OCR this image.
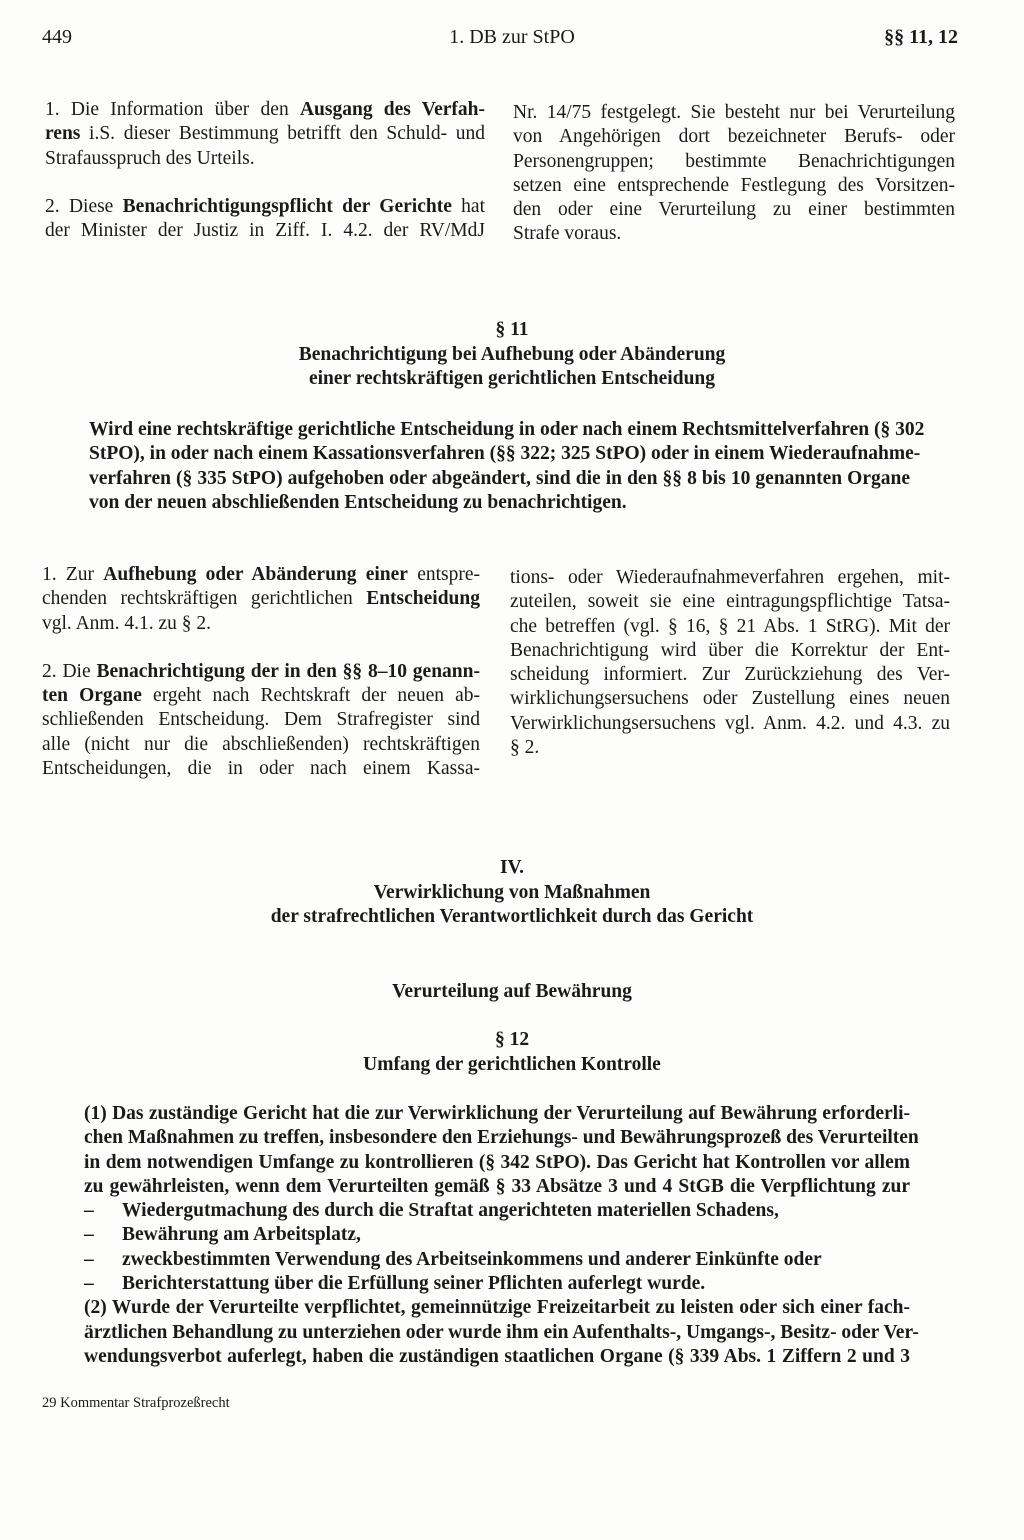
449	1. DB zur StPO	§§ 11, 12
1. Die Information über den Ausgang des Verfah-
rens i.S. dieser Bestimmung betrifft den Schuld- und
Strafausspruch des Urteils.
2. Diese Benachrichtigungspflicht der Gerichte hat
der Minister der Justiz in Ziff. I. 4.2. der RV/MdJ
Nr. 14/75 festgelegt. Sie besteht nur bei Verurteilung
von Angehörigen dort bezeichneter Berufs- oder
Personengruppen; bestimmte Benachrichtigungen
setzen eine entsprechende Festlegung des Vorsitzen-
den oder eine Verurteilung zu einer bestimmten
Strafe voraus.
§ 11
Benachrichtigung bei Aufhebung oder Abänderung
einer rechtskräftigen gerichtlichen Entscheidung
Wird eine rechtskräftige gerichtliche Entscheidung in oder nach einem Rechtsmittelverfahren (§ 302
StPO), in oder nach einem Kassationsverfahren (§§ 322; 325 StPO) oder in einem Wiederaufnahme-
verfahren (§ 335 StPO) aufgehoben oder abgeändert, sind die in den §§ 8 bis 10 genannten Organe
von der neuen abschließenden Entscheidung zu benachrichtigen.
1. Zur Aufhebung oder Abänderung einer entspre-
chenden rechtskräftigen gerichtlichen Entscheidung
vgl. Anm. 4.1. zu § 2.
2. Die Benachrichtigung der in den §§ 8–10 genann-
ten Organe ergeht nach Rechtskraft der neuen ab-
schließenden Entscheidung. Dem Strafregister sind
alle (nicht nur die abschließenden) rechtskräftigen
Entscheidungen, die in oder nach einem Kassa-
tions- oder Wiederaufnahmeverfahren ergehen, mit-
zuteilen, soweit sie eine eintragungspflichtige Tatsa-
che betreffen (vgl. § 16, § 21 Abs. 1 StRG). Mit der
Benachrichtigung wird über die Korrektur der Ent-
scheidung informiert. Zur Zurückziehung des Ver-
wirklichungsersuchens oder Zustellung eines neuen
Verwirklichungsersuchens vgl. Anm. 4.2. und 4.3. zu
§ 2.
IV.
Verwirklichung von Maßnahmen
der strafrechtlichen Verantwortlichkeit durch das Gericht
Verurteilung auf Bewährung
§ 12
Umfang der gerichtlichen Kontrolle
(1) Das zuständige Gericht hat die zur Verwirklichung der Verurteilung auf Bewährung erforderli-
chen Maßnahmen zu treffen, insbesondere den Erziehungs- und Bewährungsprozeß des Verurteilten
in dem notwendigen Umfange zu kontrollieren (§ 342 StPO). Das Gericht hat Kontrollen vor allem
zu gewährleisten, wenn dem Verurteilten gemäß § 33 Absätze 3 und 4 StGB die Verpflichtung zur
–	Wiedergutmachung des durch die Straftat angerichteten materiellen Schadens,
–	Bewährung am Arbeitsplatz,
–	zweckbestimmten Verwendung des Arbeitseinkommens und anderer Einkünfte oder
–	Berichterstattung über die Erfüllung seiner Pflichten auferlegt wurde.
(2) Wurde der Verurteilte verpflichtet, gemeinnützige Freizeitarbeit zu leisten oder sich einer fach-
ärztlichen Behandlung zu unterziehen oder wurde ihm ein Aufenthalts-, Umgangs-, Besitz- oder Ver-
wendungsverbot auferlegt, haben die zuständigen staatlichen Organe (§ 339 Abs. 1 Ziffern 2 und 3
29 Kommentar Strafprozeßrecht
